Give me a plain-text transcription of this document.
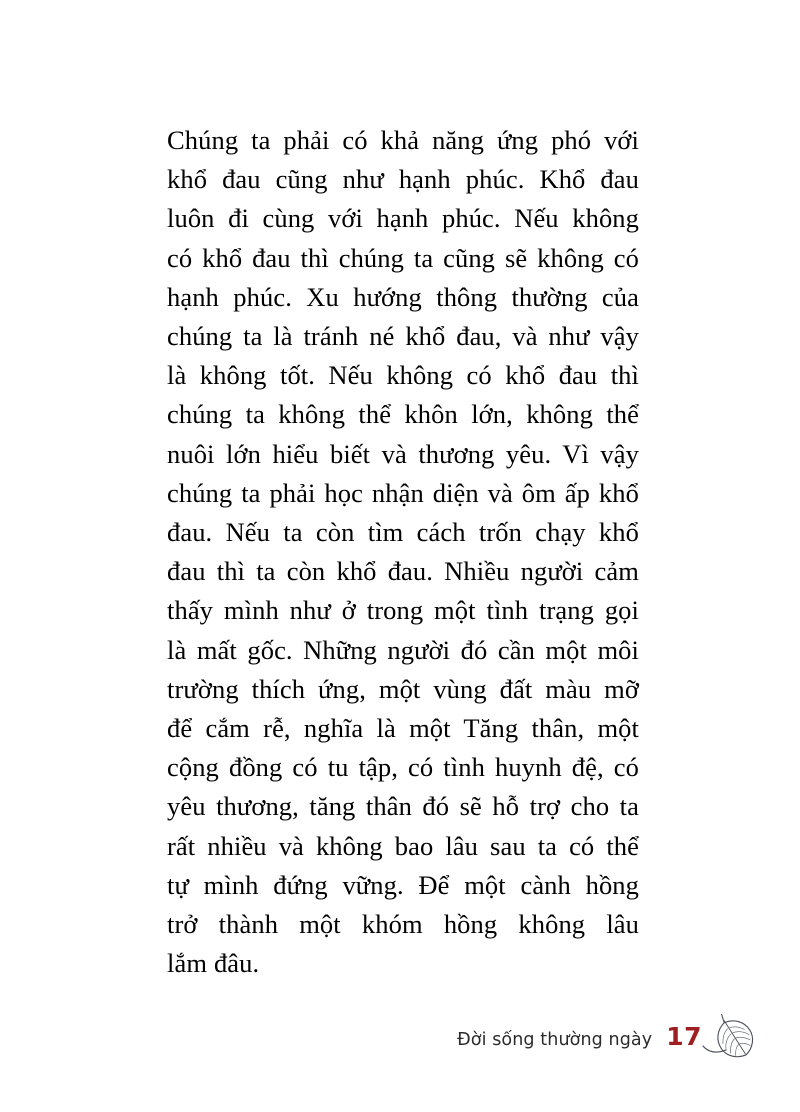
Chúng ta phải có khả năng ứng phó với
khổ đau cũng như hạnh phúc. Khổ đau
luôn đi cùng với hạnh phúc. Nếu không
có khổ đau thì chúng ta cũng sẽ không có
hạnh phúc. Xu hướng thông thường của
chúng ta là tránh né khổ đau, và như vậy
là không tốt. Nếu không có khổ đau thì
chúng ta không thể khôn lớn, không thể
nuôi lớn hiểu biết và thương yêu. Vì vậy
chúng ta phải học nhận diện và ôm ấp khổ
đau. Nếu ta còn tìm cách trốn chạy khổ
đau thì ta còn khổ đau. Nhiều người cảm
thấy mình như ở trong một tình trạng gọi
là mất gốc. Những người đó cần một môi
trường thích ứng, một vùng đất màu mỡ
để cắm rễ, nghĩa là một Tăng thân, một
cộng đồng có tu tập, có tình huynh đệ, có
yêu thương, tăng thân đó sẽ hỗ trợ cho ta
rất nhiều và không bao lâu sau ta có thể
tự mình đứng vững. Để một cành hồng
trở thành một khóm hồng không lâu
lắm đâu.

Đời sống thường ngày 17
